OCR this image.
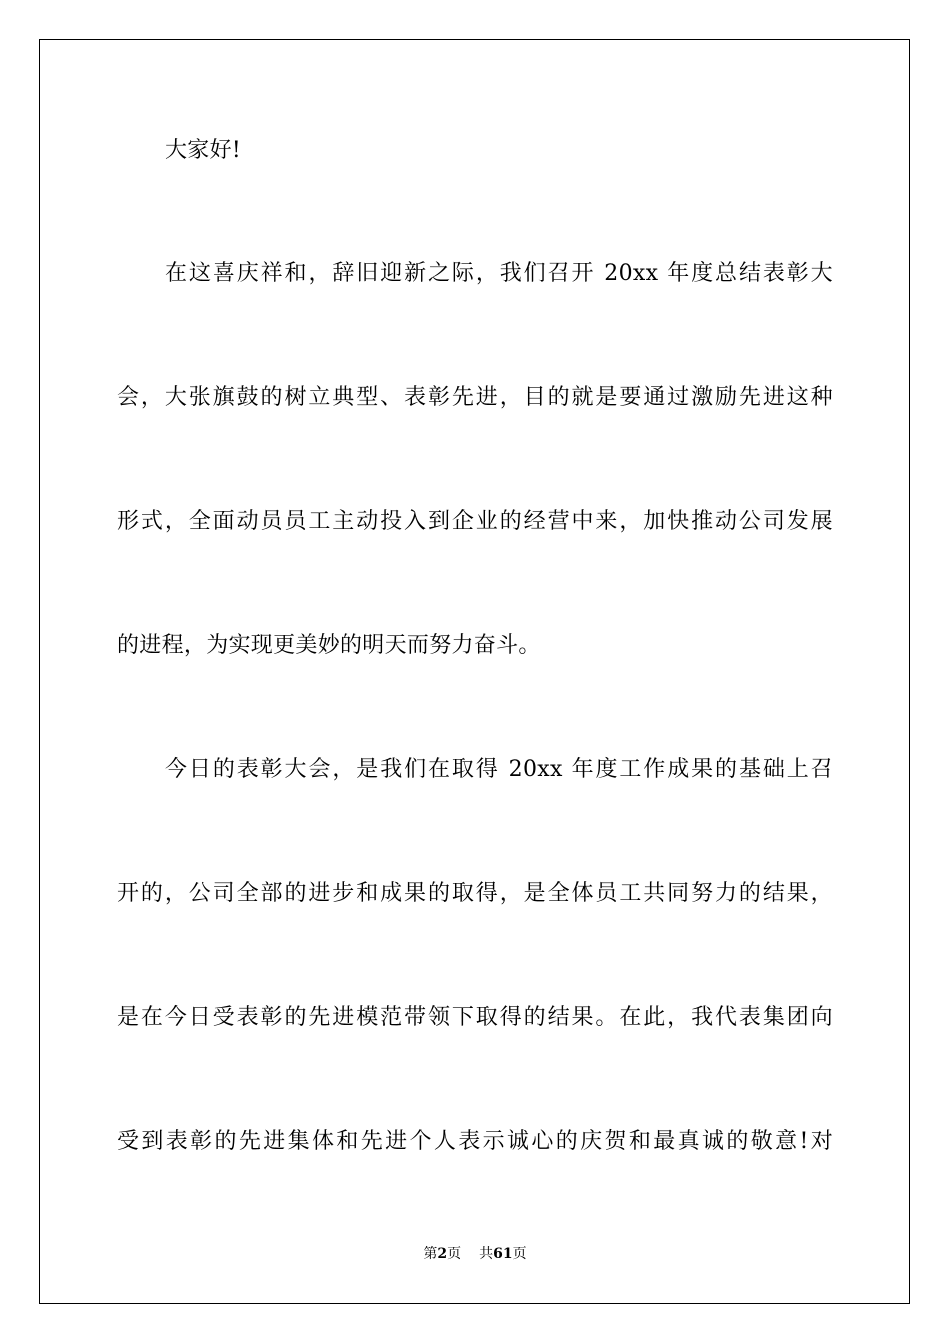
大家好!
在这喜庆祥和，辞旧迎新之际，我们召开 20xx 年度总结表彰大
会，大张旗鼓的树立典型、表彰先进，目的就是要通过激励先进这种
形式，全面动员员工主动投入到企业的经营中来，加快推动公司发展
的进程，为实现更美妙的明天而努力奋斗。
今日的表彰大会，是我们在取得 20xx 年度工作成果的基础上召
开的，公司全部的进步和成果的取得，是全体员工共同努力的结果，
是在今日受表彰的先进模范带领下取得的结果。在此，我代表集团向
受到表彰的先进集体和先进个人表示诚心的庆贺和最真诚的敬意!对
第2页 共61页
